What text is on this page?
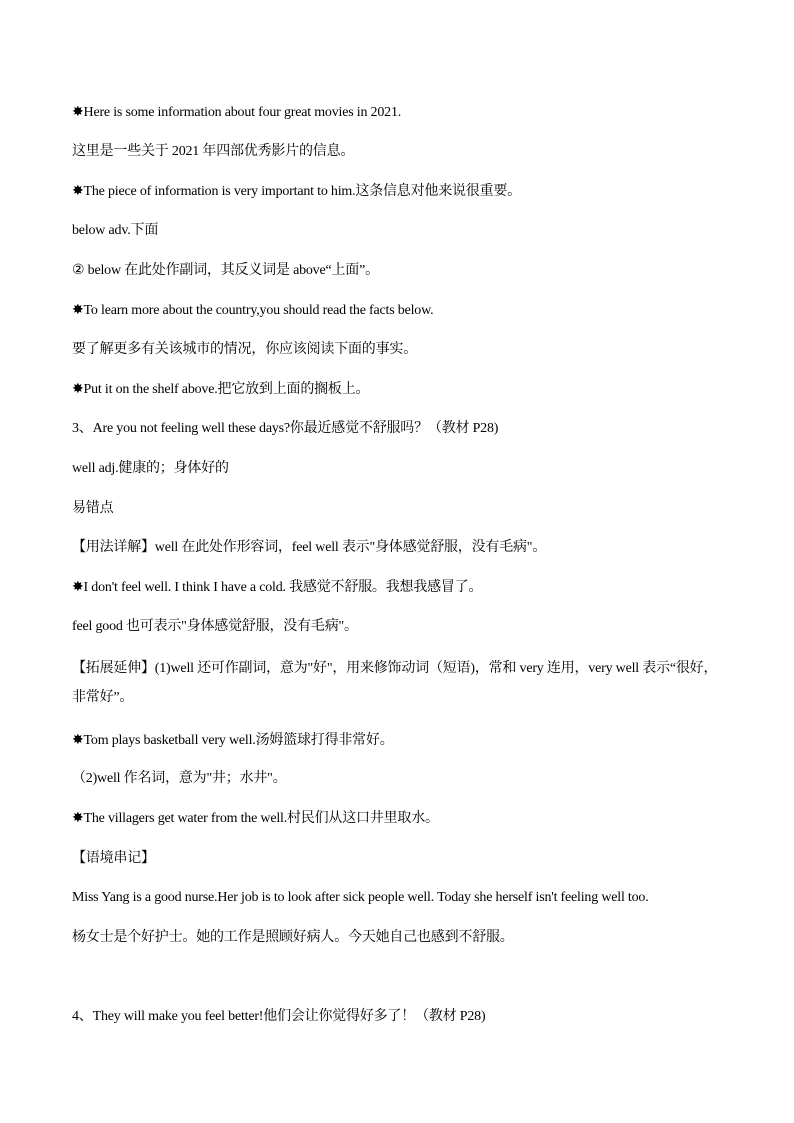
✸Here is some information about four great movies in 2021.
这里是一些关于 2021 年四部优秀影片的信息。
✸The piece of information is very important to him.这条信息对他来说很重要。
below adv.下面
② below 在此处作副词，其反义词是 above“上面”。
✸To learn more about the country,you should read the facts below.
要了解更多有关该城市的情况，你应该阅读下面的事实。
✸Put it on the shelf above.把它放到上面的搁板上。
3、Are you not feeling well these days?你最近感觉不舒服吗？（教材 P28)
well adj.健康的；身体好的
易错点
【用法详解】well 在此处作形容词，feel well 表示"身体感觉舒服，没有毛病"。
✸I don't feel well. I think I have a cold. 我感觉不舒服。我想我感冒了。
feel good 也可表示"身体感觉舒服，没有毛病"。
【拓展延伸】(1)well 还可作副词，意为"好"，用来修饰动词（短语)，常和 very 连用，very well 表示“很好，非常好”。
✸Tom plays basketball very well.汤姆篮球打得非常好。
（2)well 作名词，意为"井；水井"。
✸The villagers get water from the well.村民们从这口井里取水。
【语境串记】
Miss Yang is a good nurse.Her job is to look after sick people well. Today she herself isn't feeling well too.
杨女士是个好护士。她的工作是照顾好病人。今天她自己也感到不舒服。
4、They will make you feel better!他们会让你觉得好多了！（教材 P28)
